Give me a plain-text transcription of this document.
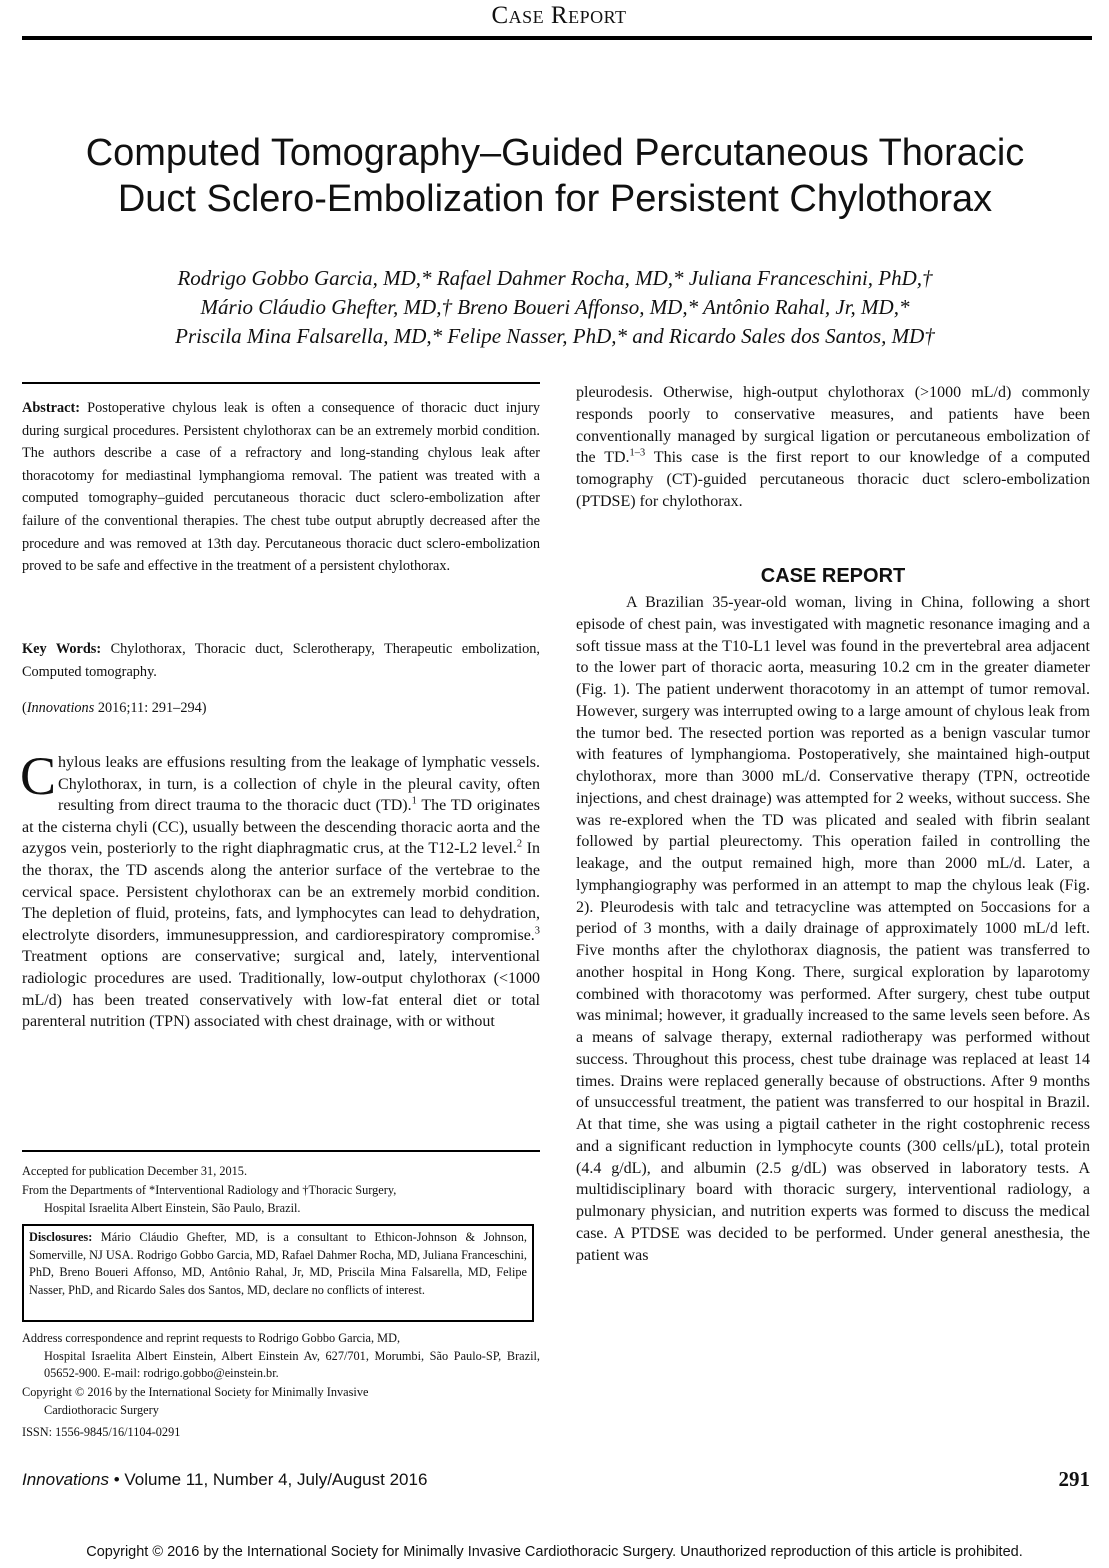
Case Report
Computed Tomography–Guided Percutaneous Thoracic
Duct Sclero-Embolization for Persistent Chylothorax
Rodrigo Gobbo Garcia, MD,* Rafael Dahmer Rocha, MD,* Juliana Franceschini, PhD,†
Mário Cláudio Ghefter, MD,† Breno Boueri Affonso, MD,* Antônio Rahal, Jr, MD,*
Priscila Mina Falsarella, MD,* Felipe Nasser, PhD,* and Ricardo Sales dos Santos, MD†
Abstract: Postoperative chylous leak is often a consequence of thoracic duct injury during surgical procedures. Persistent chylothorax can be an extremely morbid condition. The authors describe a case of a refractory and long-standing chylous leak after thoracotomy for mediastinal lymphangioma removal. The patient was treated with a computed tomography–guided percutaneous thoracic duct sclero-embolization after failure of the conventional therapies. The chest tube output abruptly decreased after the procedure and was removed at 13th day. Percutaneous thoracic duct sclero-embolization proved to be safe and effective in the treatment of a persistent chylothorax.
Key Words: Chylothorax, Thoracic duct, Sclerotherapy, Therapeutic embolization, Computed tomography.
(Innovations 2016;11: 291–294)
Chylous leaks are effusions resulting from the leakage of lymphatic vessels. Chylothorax, in turn, is a collection of chyle in the pleural cavity, often resulting from direct trauma to the thoracic duct (TD).$^1$ The TD originates at the cisterna chyli (CC), usually between the descending thoracic aorta and the azygos vein, posteriorly to the right diaphragmatic crus, at the T12-L2 level.$^2$ In the thorax, the TD ascends along the anterior surface of the vertebrae to the cervical space. Persistent chylothorax can be an extremely morbid condition. The depletion of fluid, proteins, fats, and lymphocytes can lead to dehydration, electrolyte disorders, immunesuppression, and cardiorespiratory compromise.$^3$ Treatment options are conservative; surgical and, lately, interventional radiologic procedures are used. Traditionally, low-output chylothorax (<1000 mL/d) has been treated conservatively with low-fat enteral diet or total parenteral nutrition (TPN) associated with chest drainage, with or without
Accepted for publication December 31, 2015.
From the Departments of *Interventional Radiology and †Thoracic Surgery,
Hospital Israelita Albert Einstein, São Paulo, Brazil.
Disclosures: Mário Cláudio Ghefter, MD, is a consultant to Ethicon-Johnson & Johnson, Somerville, NJ USA. Rodrigo Gobbo Garcia, MD, Rafael Dahmer Rocha, MD, Juliana Franceschini, PhD, Breno Boueri Affonso, MD, Antônio Rahal, Jr, MD, Priscila Mina Falsarella, MD, Felipe Nasser, PhD, and Ricardo Sales dos Santos, MD, declare no conflicts of interest.
Address correspondence and reprint requests to Rodrigo Gobbo Garcia, MD,
Hospital Israelita Albert Einstein, Albert Einstein Av, 627/701, Morumbi, São Paulo-SP, Brazil, 05652-900. E-mail: rodrigo.gobbo@einstein.br.
Copyright © 2016 by the International Society for Minimally Invasive
Cardiothoracic Surgery
ISSN: 1556-9845/16/1104-0291
pleurodesis. Otherwise, high-output chylothorax (>1000 mL/d) commonly responds poorly to conservative measures, and patients have been conventionally managed by surgical ligation or percutaneous embolization of the TD.$^{1-3}$ This case is the first report to our knowledge of a computed tomography (CT)-guided percutaneous thoracic duct sclero-embolization (PTDSE) for chylothorax.
CASE REPORT
A Brazilian 35-year-old woman, living in China, following a short episode of chest pain, was investigated with magnetic resonance imaging and a soft tissue mass at the T10-L1 level was found in the prevertebral area adjacent to the lower part of thoracic aorta, measuring 10.2 cm in the greater diameter (Fig. 1). The patient underwent thoracotomy in an attempt of tumor removal. However, surgery was interrupted owing to a large amount of chylous leak from the tumor bed. The resected portion was reported as a benign vascular tumor with features of lymphangioma. Postoperatively, she maintained high-output chylothorax, more than 3000 mL/d. Conservative therapy (TPN, octreotide injections, and chest drainage) was attempted for 2 weeks, without success. She was re-explored when the TD was plicated and sealed with fibrin sealant followed by partial pleurectomy. This operation failed in controlling the leakage, and the output remained high, more than 2000 mL/d. Later, a lymphangiography was performed in an attempt to map the chylous leak (Fig. 2). Pleurodesis with talc and tetracycline was attempted on 5occasions for a period of 3 months, with a daily drainage of approximately 1000 mL/d left. Five months after the chylothorax diagnosis, the patient was transferred to another hospital in Hong Kong. There, surgical exploration by laparotomy combined with thoracotomy was performed. After surgery, chest tube output was minimal; however, it gradually increased to the same levels seen before. As a means of salvage therapy, external radiotherapy was performed without success. Throughout this process, chest tube drainage was replaced at least 14 times. Drains were replaced generally because of obstructions. After 9 months of unsuccessful treatment, the patient was transferred to our hospital in Brazil. At that time, she was using a pigtail catheter in the right costophrenic recess and a significant reduction in lymphocyte counts (300 cells/μL), total protein (4.4 g/dL), and albumin (2.5 g/dL) was observed in laboratory tests. A multidisciplinary board with thoracic surgery, interventional radiology, a pulmonary physician, and nutrition experts was formed to discuss the medical case. A PTDSE was decided to be performed. Under general anesthesia, the patient was
Innovations • Volume 11, Number 4, July/August 2016	291
Copyright © 2016 by the International Society for Minimally Invasive Cardiothoracic Surgery. Unauthorized reproduction of this article is prohibited.
